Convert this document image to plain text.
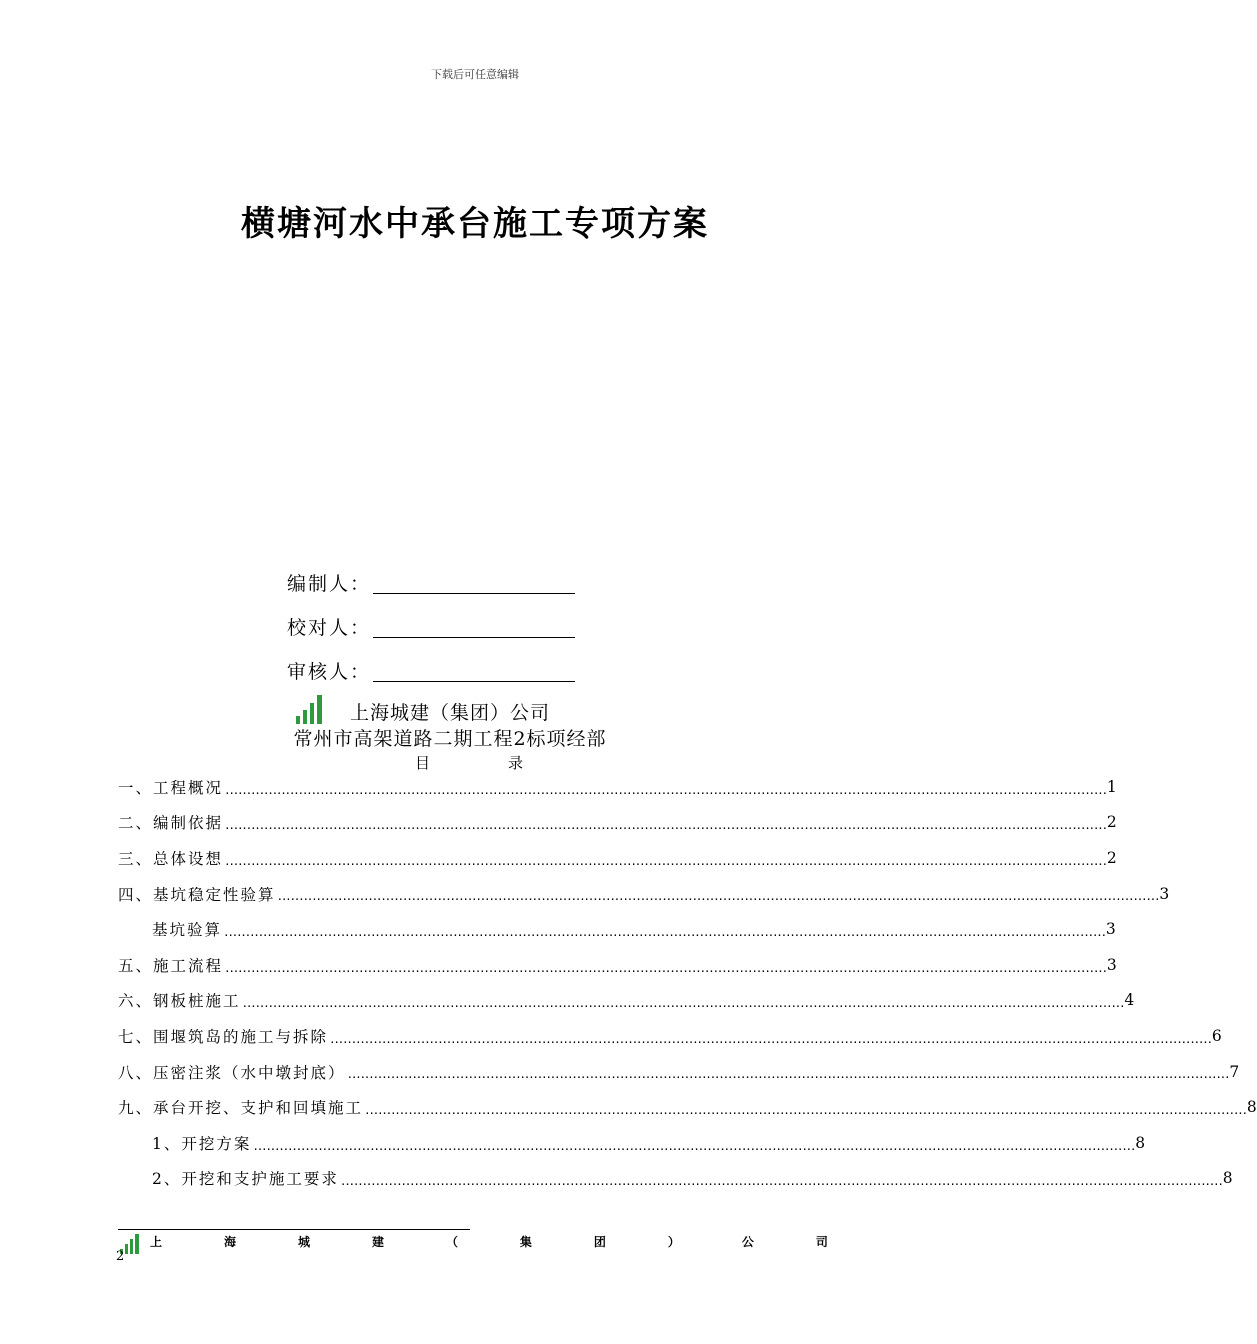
下载后可任意编辑
横塘河水中承台施工专项方案
编制人：
校对人：
审核人：
上海城建（集团）公司
常州市高架道路二期工程2标项经部
目	录
一、工程概况 ............................................................................................................................................................................................................ 1
二、编制依据 ............................................................................................................................................................................................................ 2
三、总体设想 ............................................................................................................................................................................................................ 2
四、基坑稳定性验算 ............................................................................................................................................................................................................ 3
基坑验算 ............................................................................................................................................................................................................ 3
五、施工流程 ............................................................................................................................................................................................................ 3
六、钢板桩施工 ............................................................................................................................................................................................................ 4
七、围堰筑岛的施工与拆除 ............................................................................................................................................................................................................ 6
八、压密注浆（水中墩封底） ............................................................................................................................................................................................................ 7
九、承台开挖、支护和回填施工 ............................................................................................................................................................................................................ 8
1、开挖方案 ............................................................................................................................................................................................................ 8
2、开挖和支护施工要求 ............................................................................................................................................................................................................ 8
上	海	城	建	（	集	团	）	公	司
2
